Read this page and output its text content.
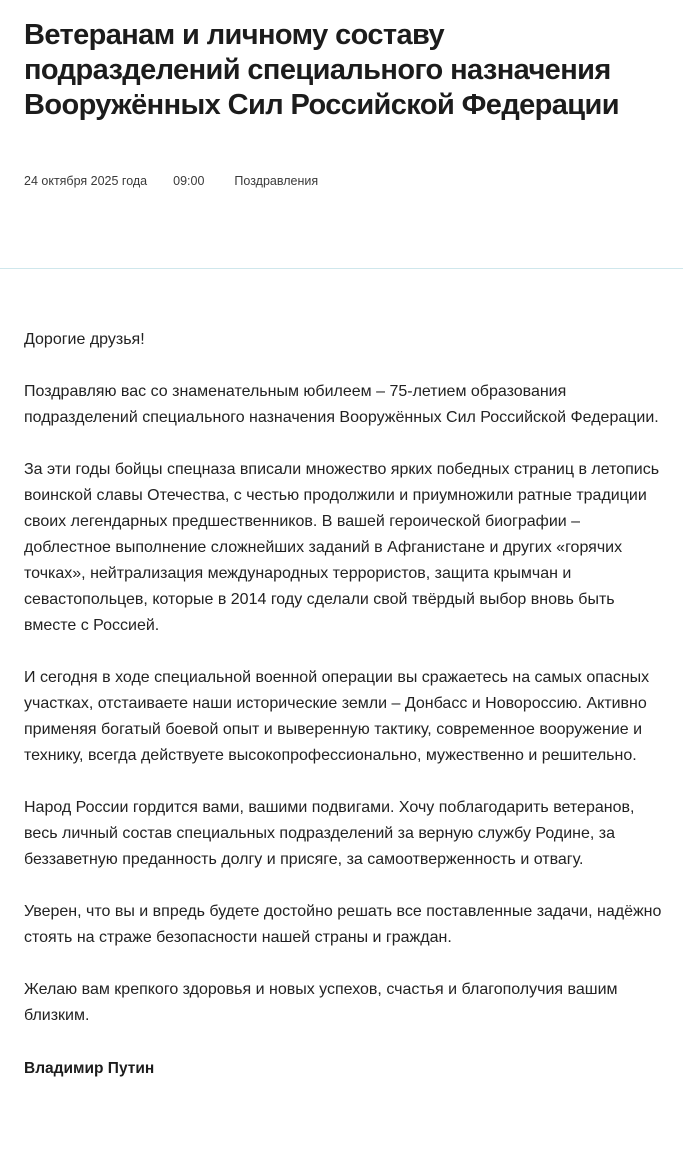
Ветеранам и личному составу подразделений специального назначения Вооружённых Сил Российской Федерации
24 октября 2025 года 09:00 Поздравления

Дорогие друзья!

Поздравляю вас со знаменательным юбилеем – 75-летием образования подразделений специального назначения Вооружённых Сил Российской Федерации.

За эти годы бойцы спецназа вписали множество ярких победных страниц в летопись воинской славы Отечества, с честью продолжили и приумножили ратные традиции своих легендарных предшественников. В вашей героической биографии – доблестное выполнение сложнейших заданий в Афганистане и других «горячих точках», нейтрализация международных террористов, защита крымчан и севастопольцев, которые в 2014 году сделали свой твёрдый выбор вновь быть вместе с Россией.

И сегодня в ходе специальной военной операции вы сражаетесь на самых опасных участках, отстаиваете наши исторические земли – Донбасс и Новороссию. Активно применяя богатый боевой опыт и выверенную тактику, современное вооружение и технику, всегда действуете высокопрофессионально, мужественно и решительно.

Народ России гордится вами, вашими подвигами. Хочу поблагодарить ветеранов, весь личный состав специальных подразделений за верную службу Родине, за беззаветную преданность долгу и присяге, за самоотверженность и отвагу.

Уверен, что вы и впредь будете достойно решать все поставленные задачи, надёжно стоять на страже безопасности нашей страны и граждан.

Желаю вам крепкого здоровья и новых успехов, счастья и благополучия вашим близким.

Владимир Путин
